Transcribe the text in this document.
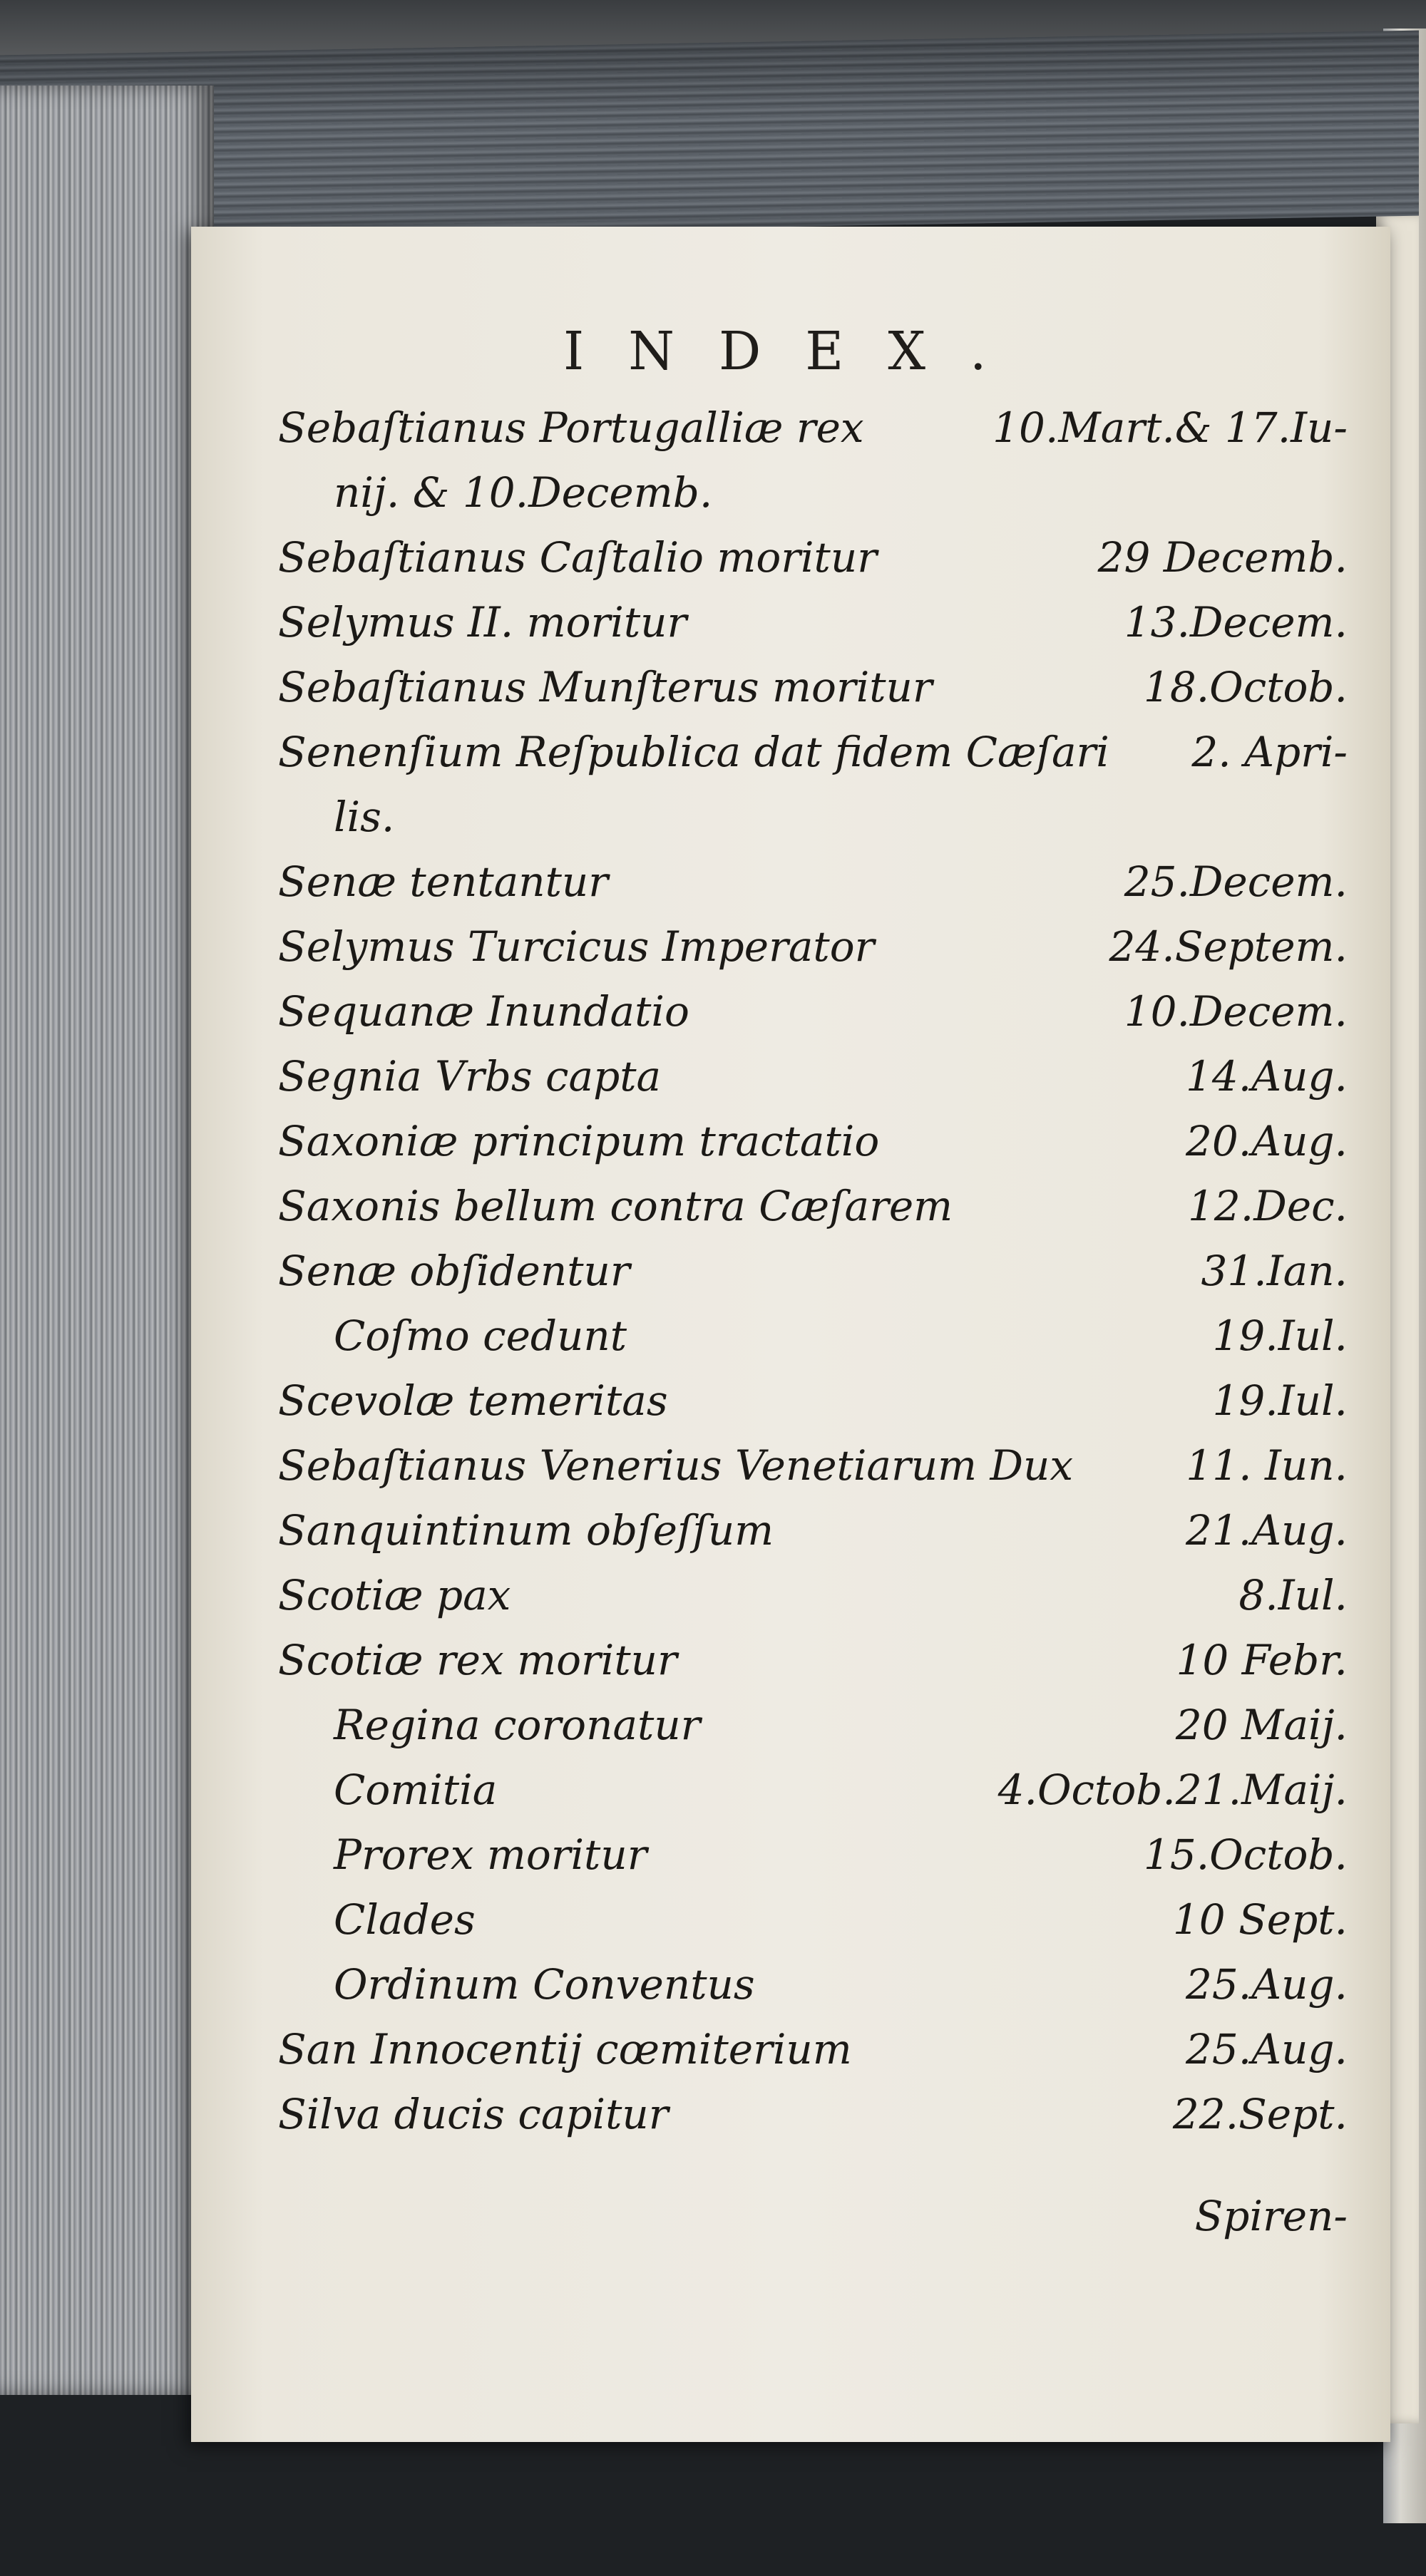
INDEX.
Sebaſtianus Portugalliæ rex	10.Mart.& 17.Iu-
nij. & 10.Decemb.
Sebaſtianus Caſtalio moritur	29 Decemb.
Selymus II. moritur	13.Decem.
Sebaſtianus Munſterus moritur	18.Octob.
Senenſium Reſpublica dat fidem Cæſari 2. Apri-
lis.
Senæ tentantur	25.Decem.
Selymus Turcicus Imperator	24.Septem.
Sequanæ Inundatio	10.Decem.
Segnia Vrbs capta	14.Aug.
Saxoniæ principum tractatio	20.Aug.
Saxonis bellum contra Cæſarem	12.Dec.
Senæ obſidentur	31.Ian.
Coſmo cedunt	19.Iul.
Scevolæ temeritas	19.Iul.
Sebaſtianus Venerius Venetiarum Dux	11. Iun.
Sanquintinum obſeſſum	21.Aug.
Scotiæ pax	8.Iul.
Scotiæ rex moritur	10 Febr.
Regina coronatur	20 Maij.
Comitia	4.Octob.21.Maij.
Prorex moritur	15.Octob.
Clades	10 Sept.
Ordinum Conventus	25.Aug.
San Innocentij cœmiterium	25.Aug.
Silva ducis capitur	22.Sept.
Spiren-
